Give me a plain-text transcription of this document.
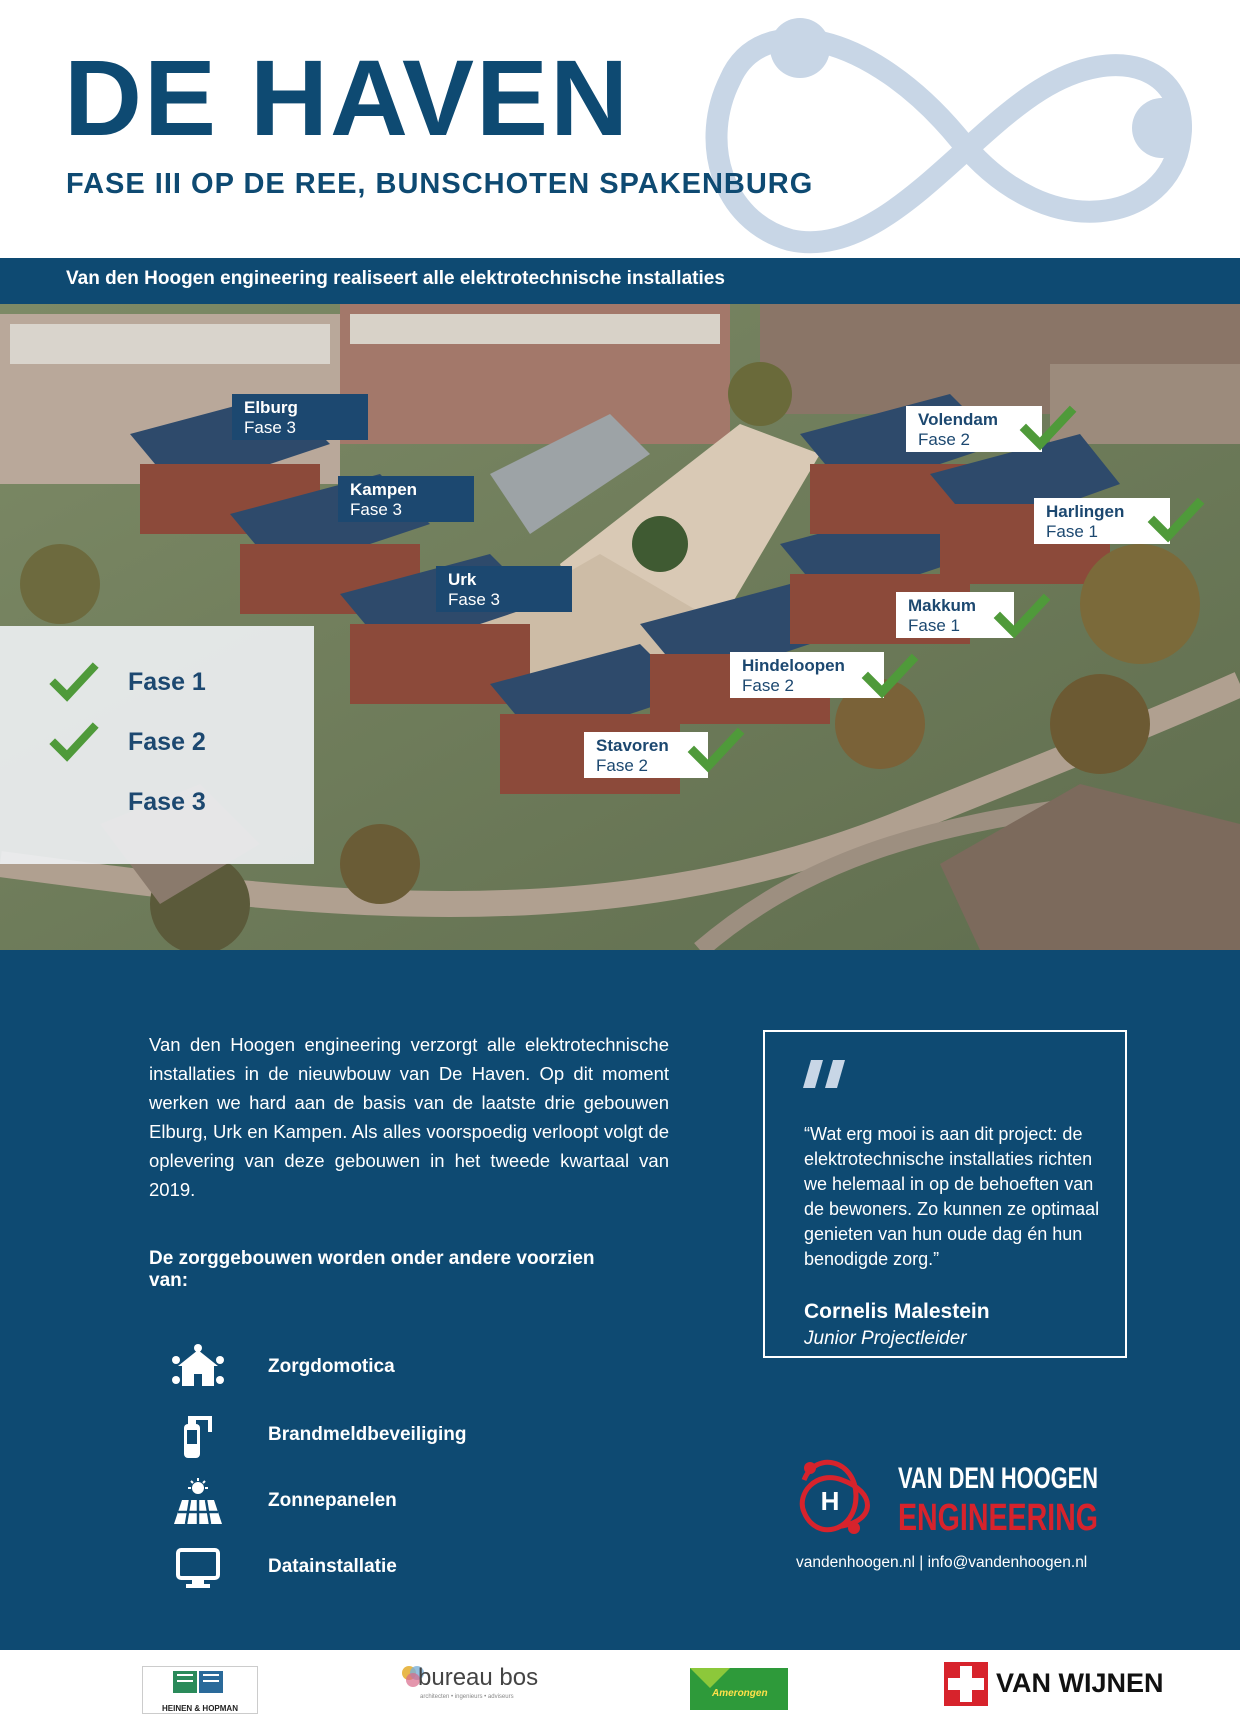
DE HAVEN
FASE III OP DE REE, BUNSCHOTEN SPAKENBURG
Van den Hoogen engineering realiseert alle elektrotechnische installaties
Elburg
Fase 3
Kampen
Fase 3
Urk
Fase 3
Volendam
Fase 2
Harlingen
Fase 1
Makkum
Fase 1
Hindeloopen
Fase 2
Stavoren
Fase 2
Fase 1
Fase 2
Fase 3

Van den Hoogen engineering verzorgt alle elektrotechnische installaties in de nieuwbouw van De Haven. Op dit moment werken we hard aan de basis van de laatste drie gebouwen Elburg, Urk en Kampen. Als alles voorspoedig verloopt volgt de oplevering van deze gebouwen in het tweede kwartaal van 2019.

De zorggebouwen worden onder andere voorzien van:
Zorgdomotica
Brandmeldbeveiliging
Zonnepanelen
Datainstallatie

“Wat erg mooi is aan dit project: de elektrotechnische installaties richten we helemaal in op de behoeften van de bewoners. Zo kunnen ze optimaal genieten van hun oude dag én hun benodigde zorg.”

Cornelis Malestein
Junior Projectleider
H
VAN DEN HOOGEN
ENGINEERING
vandenhoogen.nl | info@vandenhoogen.nl
HEINEN & HOPMAN
bureau bos
architecten • ingenieurs • adviseurs	Amerongen	VAN WIJNEN
